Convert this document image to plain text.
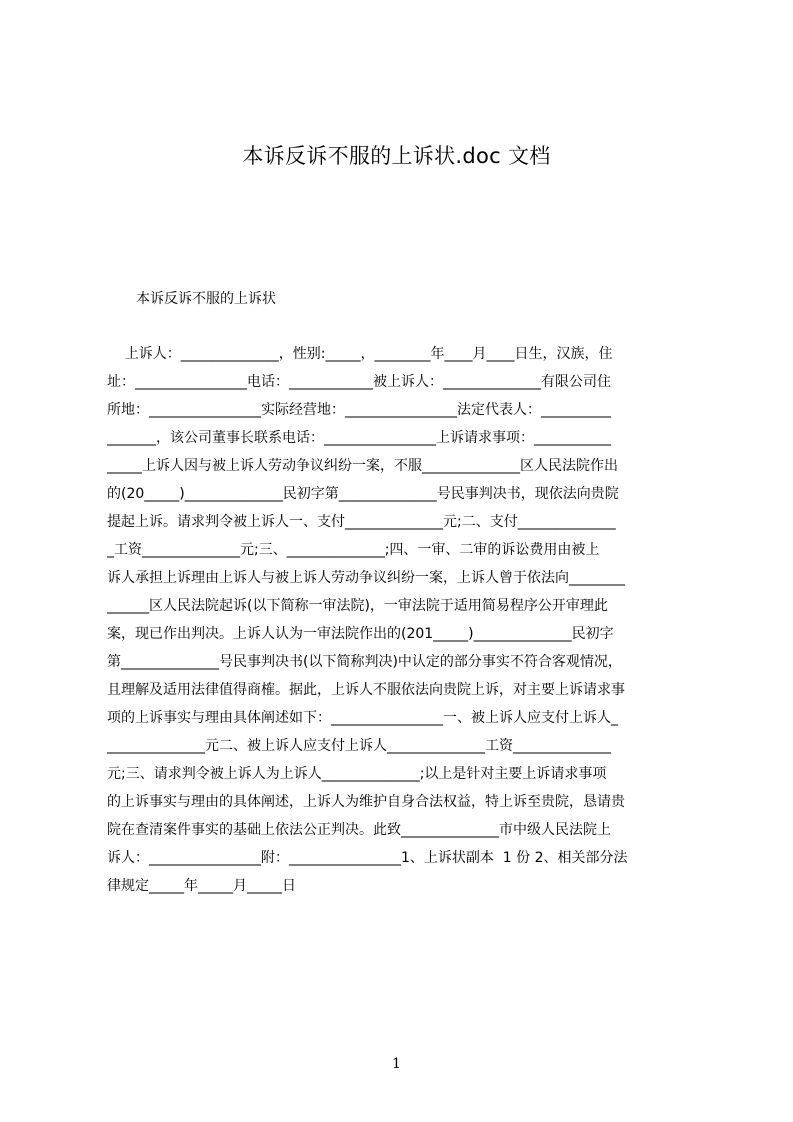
本诉反诉不服的上诉状.doc 文档

本诉反诉不服的上诉状

上诉人：______________，性别:_____，________年____月____日生，汉族，住
址：________________电话：____________被上诉人：______________有限公司住
所地：________________实际经营地：________________法定代表人：__________
_______，该公司董事长联系电话：________________上诉请求事项：___________
_____上诉人因与被上诉人劳动争议纠纷一案，不服______________区人民法院作出
的(20_____)______________民初字第______________号民事判决书，现依法向贵院
提起上诉。请求判令被上诉人一、支付______________元;二、支付______________
_工资______________元;三、______________;四、一审、二审的诉讼费用由被上
诉人承担上诉理由上诉人与被上诉人劳动争议纠纷一案，上诉人曾于依法向________
______区人民法院起诉(以下简称一审法院)，一审法院于适用简易程序公开审理此
案，现已作出判决。上诉人认为一审法院作出的(201_____)______________民初字
第______________号民事判决书(以下简称判决)中认定的部分事实不符合客观情况，
且理解及适用法律值得商榷。据此，上诉人不服依法向贵院上诉，对主要上诉请求事
项的上诉事实与理由具体阐述如下：________________一、被上诉人应支付上诉人_
______________元二、被上诉人应支付上诉人______________工资______________
元;三、请求判令被上诉人为上诉人______________;以上是针对主要上诉请求事项
的上诉事实与理由的具体阐述，上诉人为维护自身合法权益，特上诉至贵院，恳请贵
院在查清案件事实的基础上依法公正判决。此致______________市中级人民法院上
诉人：________________附：________________1、上诉状副本  1 份 2、相关部分法
律规定_____年_____月_____日
1
